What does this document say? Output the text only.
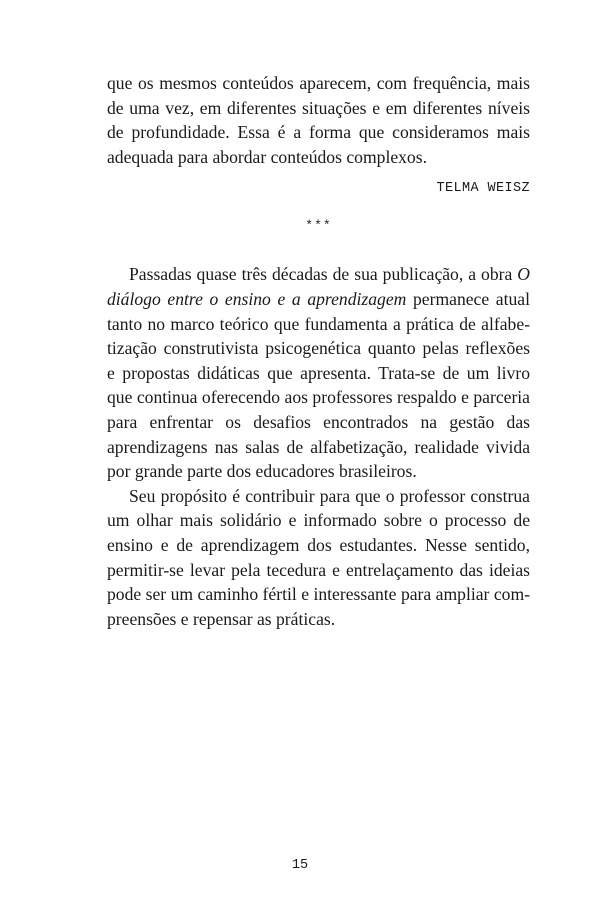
que os mesmos conteúdos aparecem, com frequência, mais de uma vez, em diferentes situações e em diferentes níveis de profundidade. Essa é a forma que consideramos mais adequada para abordar conteúdos complexos.

TELMA WEISZ
***

Passadas quase três décadas de sua publicação, a obra O diálogo entre o ensino e a aprendizagem permanece atual tanto no marco teórico que fundamenta a prática de alfabetização construtivista psicogenética quanto pelas reflexões e propostas didáticas que apresenta. Trata-se de um livro que continua oferecendo aos professores respaldo e parceria para enfrentar os desafios encontrados na gestão das aprendizagens nas salas de alfabetização, realidade vivida por grande parte dos educadores brasileiros.

Seu propósito é contribuir para que o professor construa um olhar mais solidário e informado sobre o processo de ensino e de aprendizagem dos estudantes. Nesse sentido, permitir-se levar pela tecedura e entrelaçamento das ideias pode ser um caminho fértil e interessante para ampliar compreensões e repensar as práticas.

15
